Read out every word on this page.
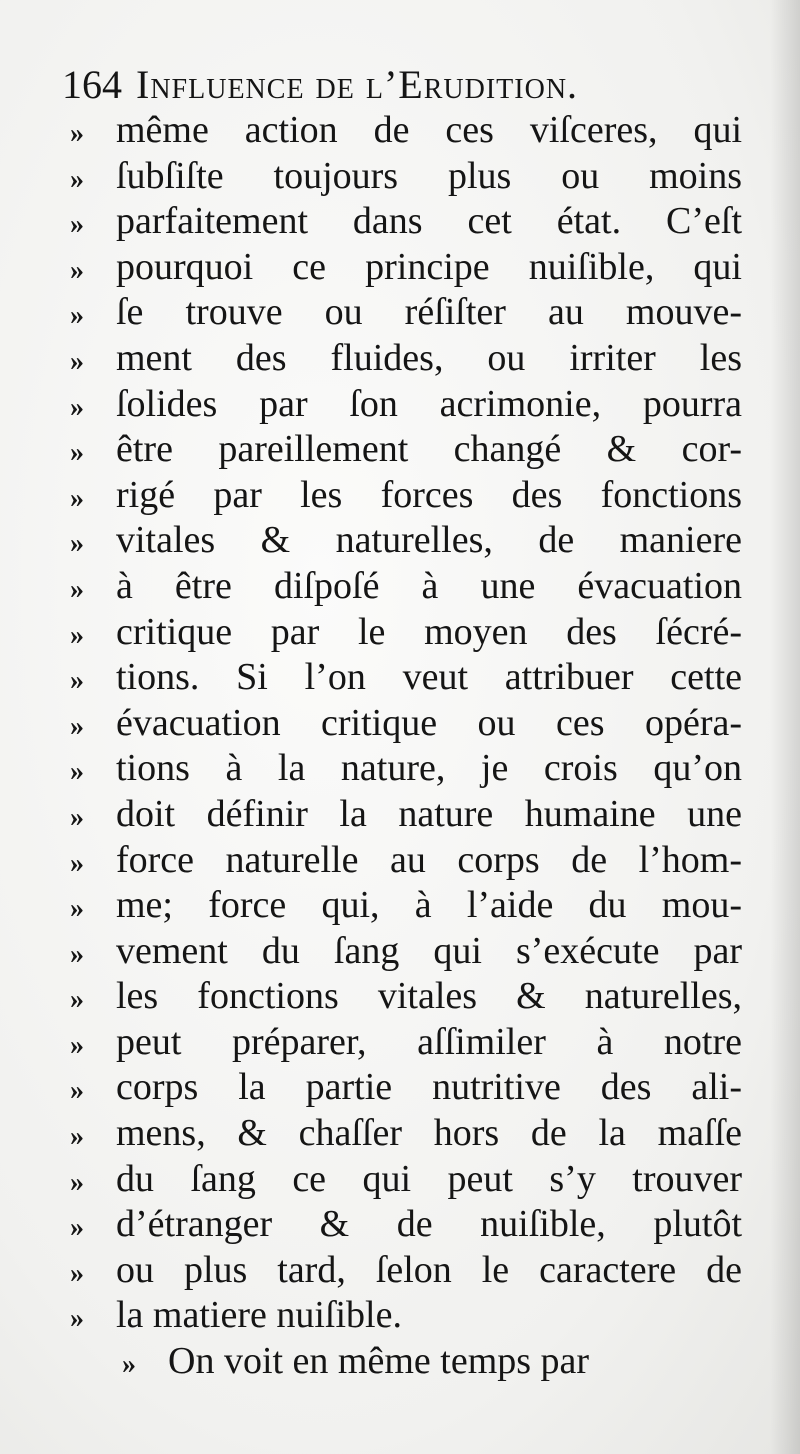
164 Influence de l’Erudition.
» même action de ces viſceres, qui
» ſubſiſte toujours plus ou moins
» parfaitement dans cet état. C’eſt
» pourquoi ce principe nuiſible, qui
» ſe trouve ou réſiſter au mouve-
» ment des fluides, ou irriter les
» ſolides par ſon acrimonie, pourra
» être pareillement changé & cor-
» rigé par les forces des fonctions
» vitales & naturelles, de maniere
» à être diſpoſé à une évacuation
» critique par le moyen des ſécré-
» tions. Si l’on veut attribuer cette
» évacuation critique ou ces opéra-
» tions à la nature, je crois qu’on
» doit définir la nature humaine une
» force naturelle au corps de l’hom-
» me; force qui, à l’aide du mou-
» vement du ſang qui s’exécute par
» les fonctions vitales & naturelles,
» peut préparer, aſſimiler à notre
» corps la partie nutritive des ali-
» mens, & chaſſer hors de la maſſe
» du ſang ce qui peut s’y trouver
» d’étranger & de nuiſible, plutôt
» ou plus tard, ſelon le caractere de
» la matiere nuiſible.
» On voit en même temps par
